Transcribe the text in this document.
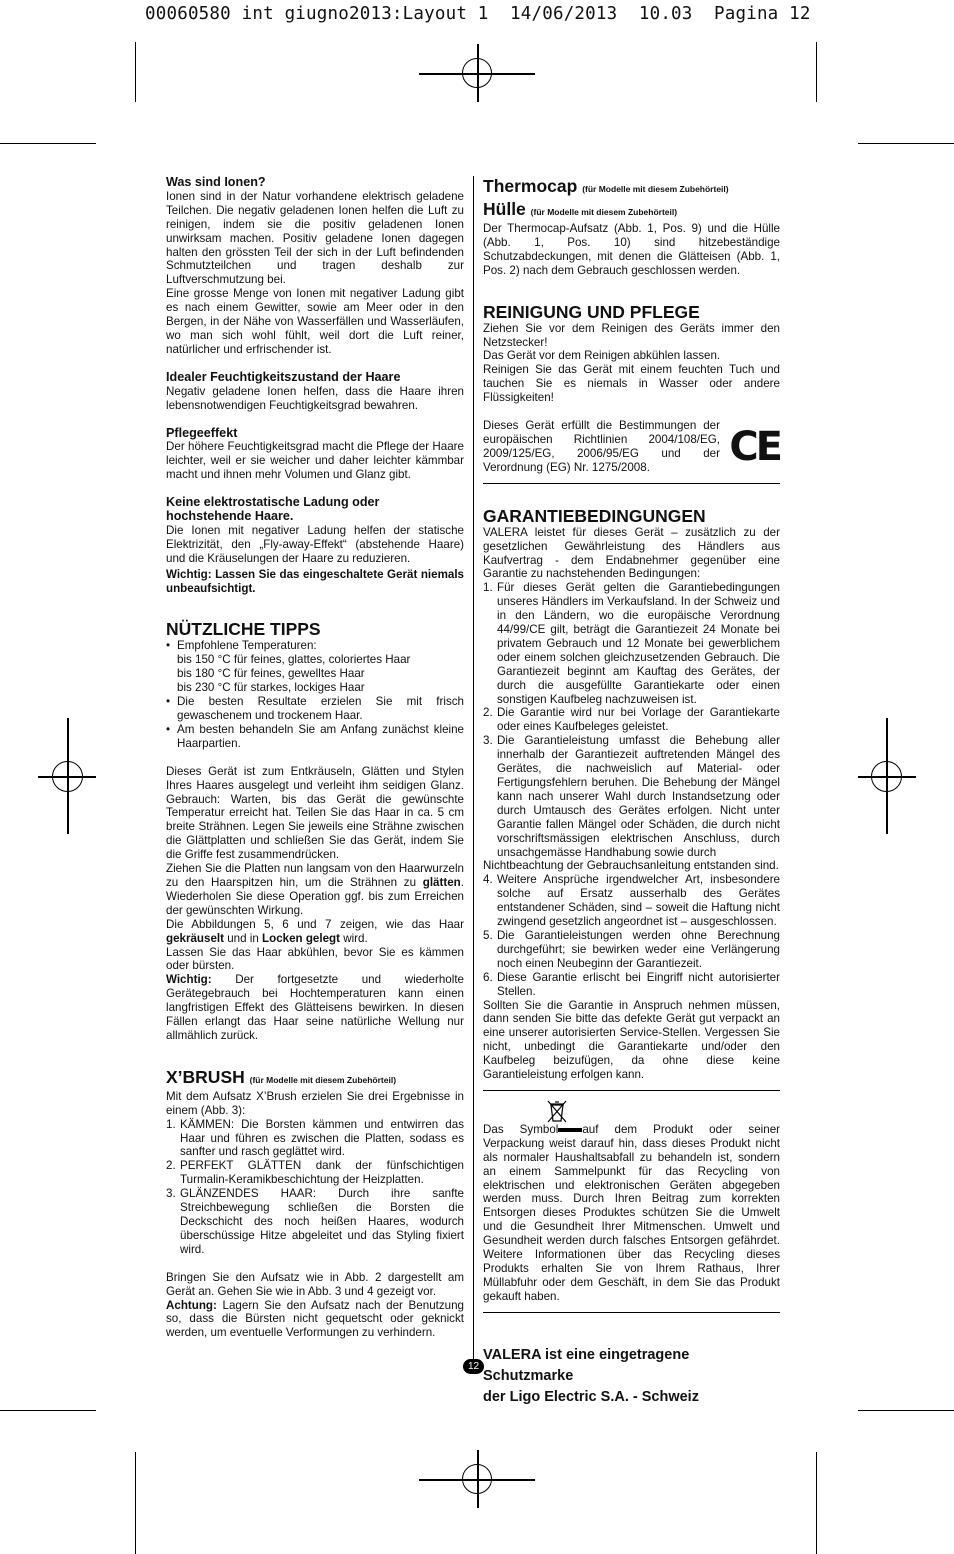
00060580 int giugno2013:Layout 1  14/06/2013  10.03  Pagina 12
Was sind Ionen?

Ionen sind in der Natur vorhandene elektrisch geladene Teilchen. Die negativ geladenen Ionen helfen die Luft zu reinigen, indem sie die positiv geladenen Ionen unwirksam machen. Positiv geladene Ionen dagegen halten den grössten Teil der sich in der Luft befindenden Schmutzteilchen und tragen deshalb zur Luftverschmutzung bei.

Eine grosse Menge von Ionen mit negativer Ladung gibt es nach einem Gewitter, sowie am Meer oder in den Bergen, in der Nähe von Wasserfällen und Wasserläufen, wo man sich wohl fühlt, weil dort die Luft reiner, natürlicher und erfrischender ist.

Idealer Feuchtigkeitszustand der Haare

Negativ geladene Ionen helfen, dass die Haare ihren lebensnotwendigen Feuchtigkeitsgrad bewahren.

Pflegeeffekt

Der höhere Feuchtigkeitsgrad macht die Pflege der Haare leichter, weil er sie weicher und daher leichter kämmbar macht und ihnen mehr Volumen und Glanz gibt.

Keine elektrostatische Ladung oder hochstehende Haare.

Die Ionen mit negativer Ladung helfen der statische Elektrizität, den „Fly-away-Effekt“ (abstehende Haare) und die Kräuselungen der Haare zu reduzieren.

Wichtig: Lassen Sie das eingeschaltete Gerät niemals unbeaufsichtigt.

NÜTZLICHE TIPPS
• Empfohlene Temperaturen:
bis 150 °C für feines, glattes, coloriertes Haar
bis 180 °C für feines, gewelltes Haar
bis 230 °C für starkes, lockiges Haar
• Die besten Resultate erzielen Sie mit frisch gewaschenem und trockenem Haar.
• Am besten behandeln Sie am Anfang zunächst kleine Haarpartien.

Dieses Gerät ist zum Entkräuseln, Glätten und Stylen Ihres Haares ausgelegt und verleiht ihm seidigen Glanz. Gebrauch: Warten, bis das Gerät die gewünschte Temperatur erreicht hat. Teilen Sie das Haar in ca. 5 cm breite Strähnen. Legen Sie jeweils eine Strähne zwischen die Glättplatten und schließen Sie das Gerät, indem Sie die Griffe fest zusammendrücken.

Ziehen Sie die Platten nun langsam von den Haarwurzeln zu den Haarspitzen hin, um die Strähnen zu glätten. Wiederholen Sie diese Operation ggf. bis zum Erreichen der gewünschten Wirkung.

Die Abbildungen 5, 6 und 7 zeigen, wie das Haar gekräuselt und in Locken gelegt wird.

Lassen Sie das Haar abkühlen, bevor Sie es kämmen oder bürsten.

Wichtig: Der fortgesetzte und wiederholte Gerätegebrauch bei Hochtemperaturen kann einen langfristigen Effekt des Glätteisens bewirken. In diesen Fällen erlangt das Haar seine natürliche Wellung nur allmählich zurück.

X’BRUSH (für Modelle mit diesem Zubehörteil)

Mit dem Aufsatz X’Brush erzielen Sie drei Ergebnisse in einem (Abb. 3):

1. KÄMMEN: Die Borsten kämmen und entwirren das Haar und führen es zwischen die Platten, sodass es sanfter und rasch geglättet wird.
2. PERFEKT GLÄTTEN dank der fünfschichtigen Turmalin-Keramikbeschichtung der Heizplatten.
3. GLÄNZENDES HAAR: Durch ihre sanfte Streichbewegung schließen die Borsten die Deckschicht des noch heißen Haares, wodurch überschüssige Hitze abgeleitet und das Styling fixiert wird.

Bringen Sie den Aufsatz wie in Abb. 2 dargestellt am Gerät an. Gehen Sie wie in Abb. 3 und 4 gezeigt vor.

Achtung: Lagern Sie den Aufsatz nach der Benutzung so, dass die Bürsten nicht gequetscht oder geknickt werden, um eventuelle Verformungen zu verhindern.

Thermocap (für Modelle mit diesem Zubehörteil)
Hülle (für Modelle mit diesem Zubehörteil)

Der Thermocap-Aufsatz (Abb. 1, Pos. 9) und die Hülle (Abb. 1, Pos. 10) sind hitzebeständige Schutzabdeckungen, mit denen die Glätteisen (Abb. 1, Pos. 2) nach dem Gebrauch geschlossen werden.

REINIGUNG UND PFLEGE

Ziehen Sie vor dem Reinigen des Geräts immer den Netzstecker!

Das Gerät vor dem Reinigen abkühlen lassen.

Reinigen Sie das Gerät mit einem feuchten Tuch und tauchen Sie es niemals in Wasser oder andere Flüssigkeiten!

Dieses Gerät erfüllt die Bestimmungen der europäischen Richtlinien 2004/108/EG, 2009/125/EG, 2006/95/EG und der Verordnung (EG) Nr. 1275/2008.	CE
GARANTIEBEDINGUNGEN

VALERA leistet für dieses Gerät – zusätzlich zu der gesetzlichen Gewährleistung des Händlers aus Kaufvertrag - dem Endabnehmer gegenüber eine Garantie zu nachstehenden Bedingungen:

1. Für dieses Gerät gelten die Garantiebedingungen unseres Händlers im Verkaufsland. In der Schweiz und in den Ländern, wo die europäische Verordnung 44/99/CE gilt, beträgt die Garantiezeit 24 Monate bei privatem Gebrauch und 12 Monate bei gewerblichem oder einem solchen gleichzusetzenden Gebrauch. Die Garantiezeit beginnt am Kauftag des Gerätes, der durch die ausgefüllte Garantiekarte oder einen sonstigen Kaufbeleg nachzuweisen ist.
2. Die Garantie wird nur bei Vorlage der Garantiekarte oder eines Kaufbeleges geleistet.
3. Die Garantieleistung umfasst die Behebung aller innerhalb der Garantiezeit auftretenden Mängel des Gerätes, die nachweislich auf Material- oder Fertigungsfehlern beruhen. Die Behebung der Mängel kann nach unserer Wahl durch Instandsetzung oder durch Umtausch des Gerätes erfolgen. Nicht unter Garantie fallen Mängel oder Schäden, die durch nicht vorschriftsmässigen elektrischen Anschluss, durch unsachgemässe Handhabung sowie durch

Nichtbeachtung der Gebrauchsanleitung entstanden sind.

4. Weitere Ansprüche irgendwelcher Art, insbesondere solche auf Ersatz ausserhalb des Gerätes entstandener Schäden, sind – soweit die Haftung nicht zwingend gesetzlich angeordnet ist – ausgeschlossen.
5. Die Garantieleistungen werden ohne Berechnung durchgeführt; sie bewirken weder eine Verlängerung noch einen Neubeginn der Garantiezeit.
6. Diese Garantie erlischt bei Eingriff nicht autorisierter Stellen.

Sollten Sie die Garantie in Anspruch nehmen müssen, dann senden Sie bitte das defekte Gerät gut verpackt an eine unserer autorisierten Service-Stellen. Vergessen Sie nicht, unbedingt die Garantiekarte und/oder den Kaufbeleg beizufügen, da ohne diese keine Garantieleistung erfolgen kann.

Das Symbol auf dem Produkt oder seiner Verpackung weist darauf hin, dass dieses Produkt nicht als normaler Haushaltsabfall zu behandeln ist, sondern an einem Sammelpunkt für das Recycling von elektrischen und elektronischen Geräten abgegeben werden muss. Durch Ihren Beitrag zum korrekten Entsorgen dieses Produktes schützen Sie die Umwelt und die Gesundheit Ihrer Mitmenschen. Umwelt und Gesundheit werden durch falsches Entsorgen gefährdet. Weitere Informationen über das Recycling dieses Produkts erhalten Sie von Ihrem Rathaus, Ihrer Müllabfuhr oder dem Geschäft, in dem Sie das Produkt gekauft haben.

VALERA ist eine eingetragene Schutzmarke
der Ligo Electric S.A. - Schweiz
12
